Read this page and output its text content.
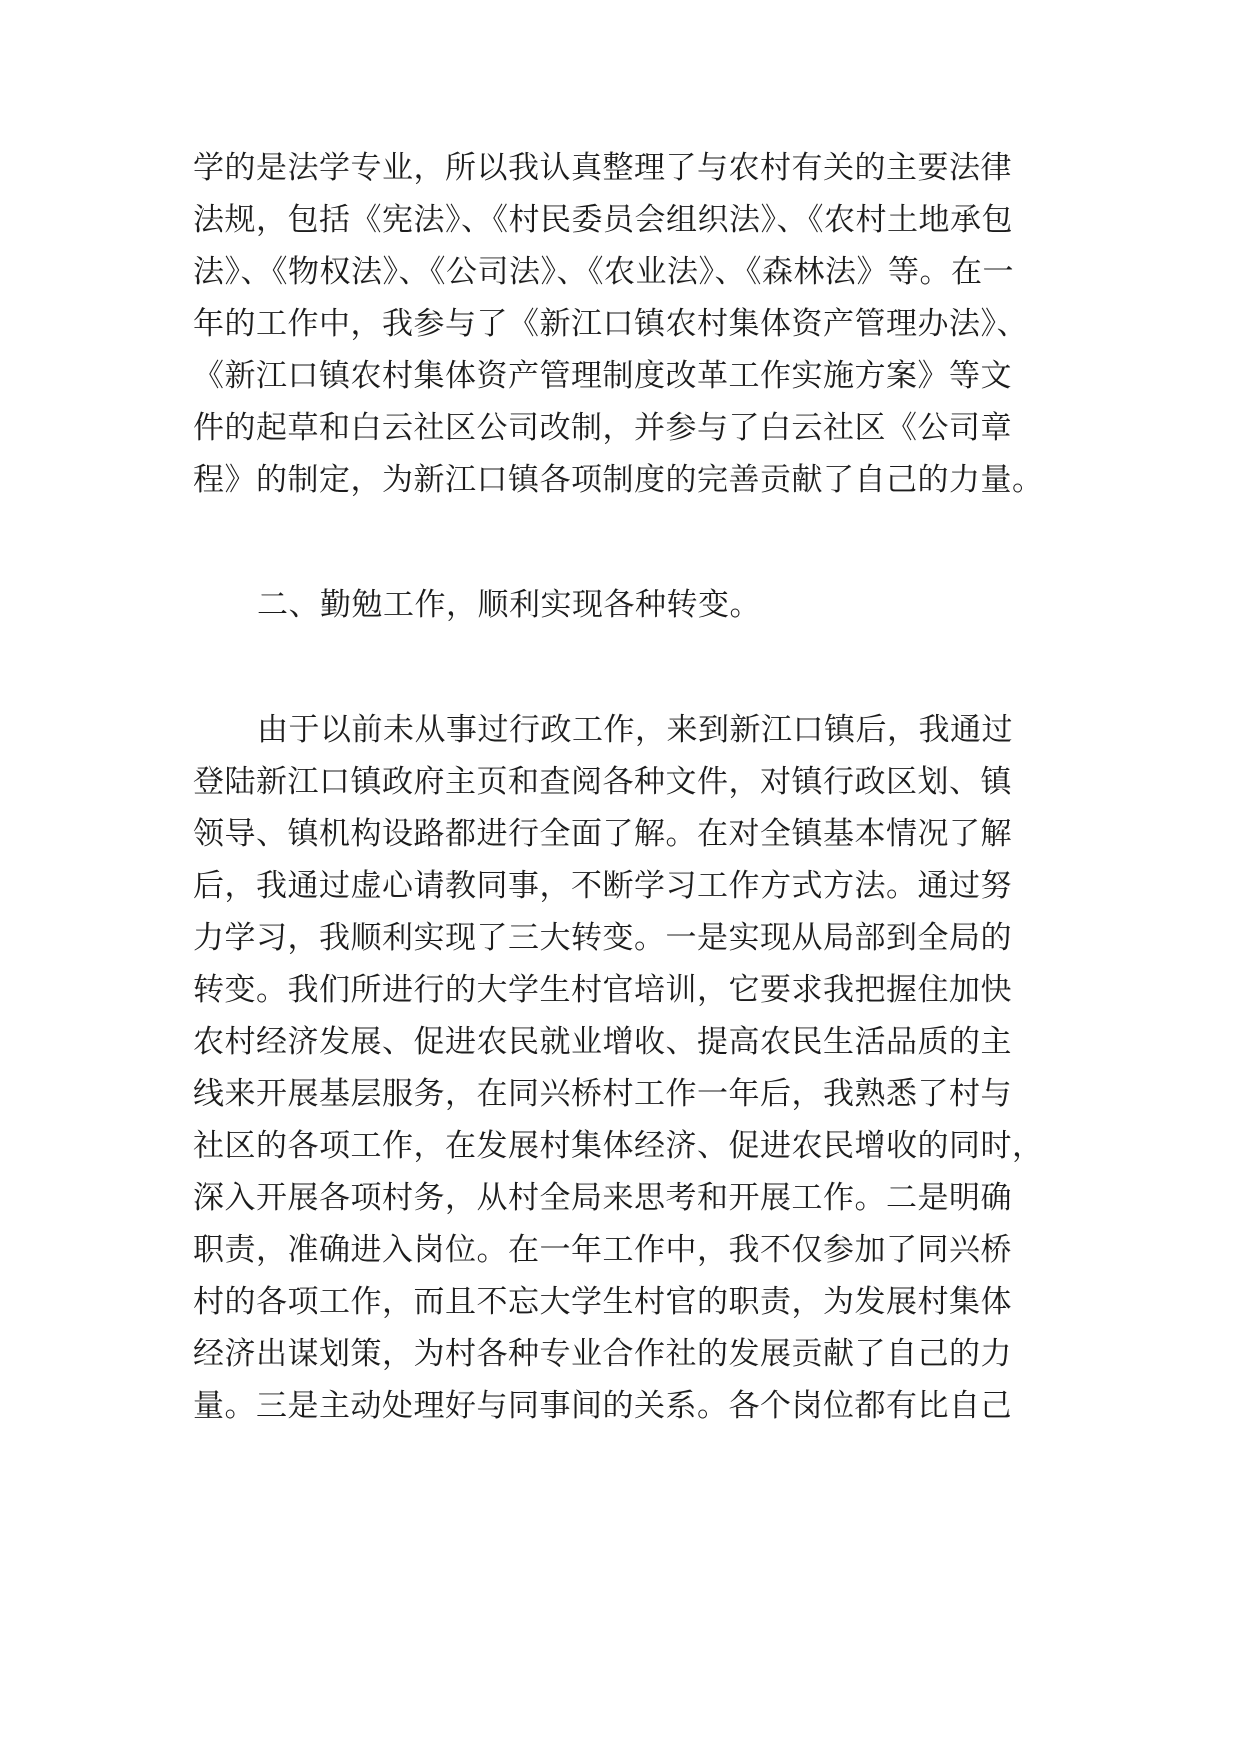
学的是法学专业，所以我认真整理了与农村有关的主要法律
法规，包括《宪法》、《村民委员会组织法》、《农村土地承包
法》、《物权法》、《公司法》、《农业法》、《森林法》等。在一
年的工作中，我参与了《新江口镇农村集体资产管理办法》、
《新江口镇农村集体资产管理制度改革工作实施方案》等文
件的起草和白云社区公司改制，并参与了白云社区《公司章
程》的制定，为新江口镇各项制度的完善贡献了自己的力量。
二、勤勉工作，顺利实现各种转变。
由于以前未从事过行政工作，来到新江口镇后，我通过
登陆新江口镇政府主页和查阅各种文件，对镇行政区划、镇
领导、镇机构设路都进行全面了解。在对全镇基本情况了解
后，我通过虚心请教同事，不断学习工作方式方法。通过努
力学习，我顺利实现了三大转变。一是实现从局部到全局的
转变。我们所进行的大学生村官培训，它要求我把握住加快
农村经济发展、促进农民就业增收、提高农民生活品质的主
线来开展基层服务，在同兴桥村工作一年后，我熟悉了村与
社区的各项工作，在发展村集体经济、促进农民增收的同时，
深入开展各项村务，从村全局来思考和开展工作。二是明确
职责，准确进入岗位。在一年工作中，我不仅参加了同兴桥
村的各项工作，而且不忘大学生村官的职责，为发展村集体
经济出谋划策，为村各种专业合作社的发展贡献了自己的力
量。三是主动处理好与同事间的关系。各个岗位都有比自己
